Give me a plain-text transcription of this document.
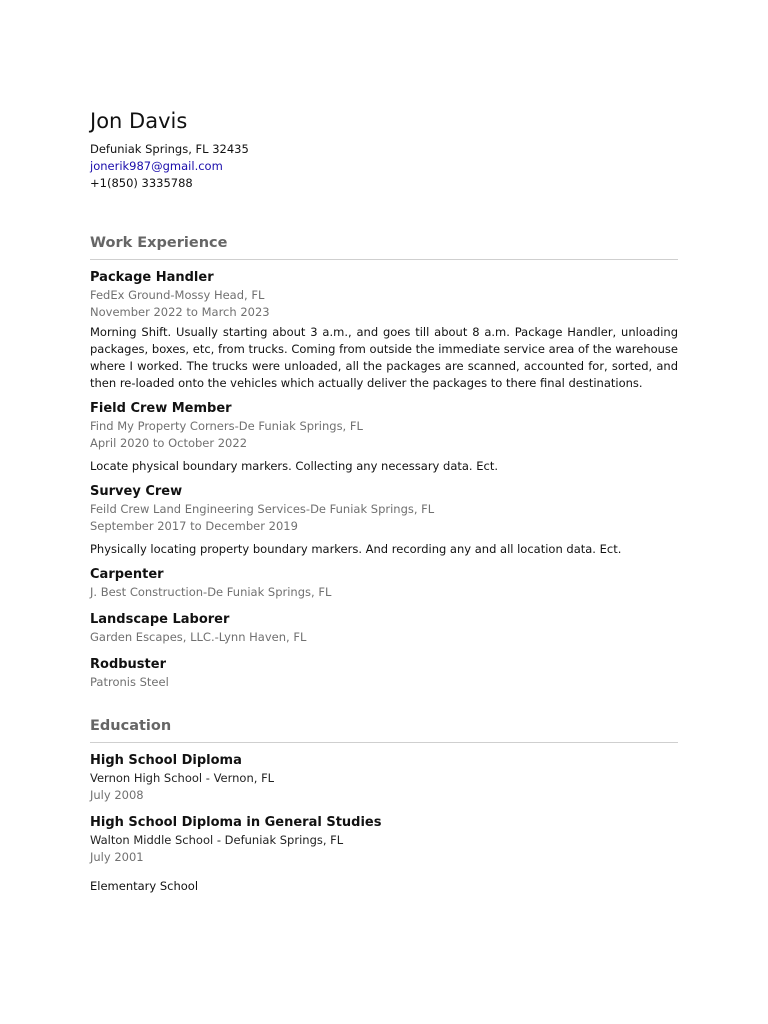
Jon Davis
Defuniak Springs, FL 32435
jonerik987@gmail.com
+1(850) 3335788
Work Experience
Package Handler
FedEx Ground-Mossy Head, FL
November 2022 to March 2023
Morning Shift. Usually starting about 3 a.m., and goes till about 8 a.m. Package Handler, unloading packages, boxes, etc, from trucks. Coming from outside the immediate service area of the warehouse where I worked. The trucks were unloaded, all the packages are scanned, accounted for, sorted, and then re-loaded onto the vehicles which actually deliver the packages to there final destinations.
Field Crew Member
Find My Property Corners-De Funiak Springs, FL
April 2020 to October 2022
Locate physical boundary markers. Collecting any necessary data. Ect.
Survey Crew
Feild Crew Land Engineering Services-De Funiak Springs, FL
September 2017 to December 2019
Physically locating property boundary markers. And recording any and all location data. Ect.
Carpenter
J. Best Construction-De Funiak Springs, FL
Landscape Laborer
Garden Escapes, LLC.-Lynn Haven, FL
Rodbuster
Patronis Steel
Education
High School Diploma
Vernon High School - Vernon, FL
July 2008
High School Diploma in General Studies
Walton Middle School - Defuniak Springs, FL
July 2001
Elementary School
